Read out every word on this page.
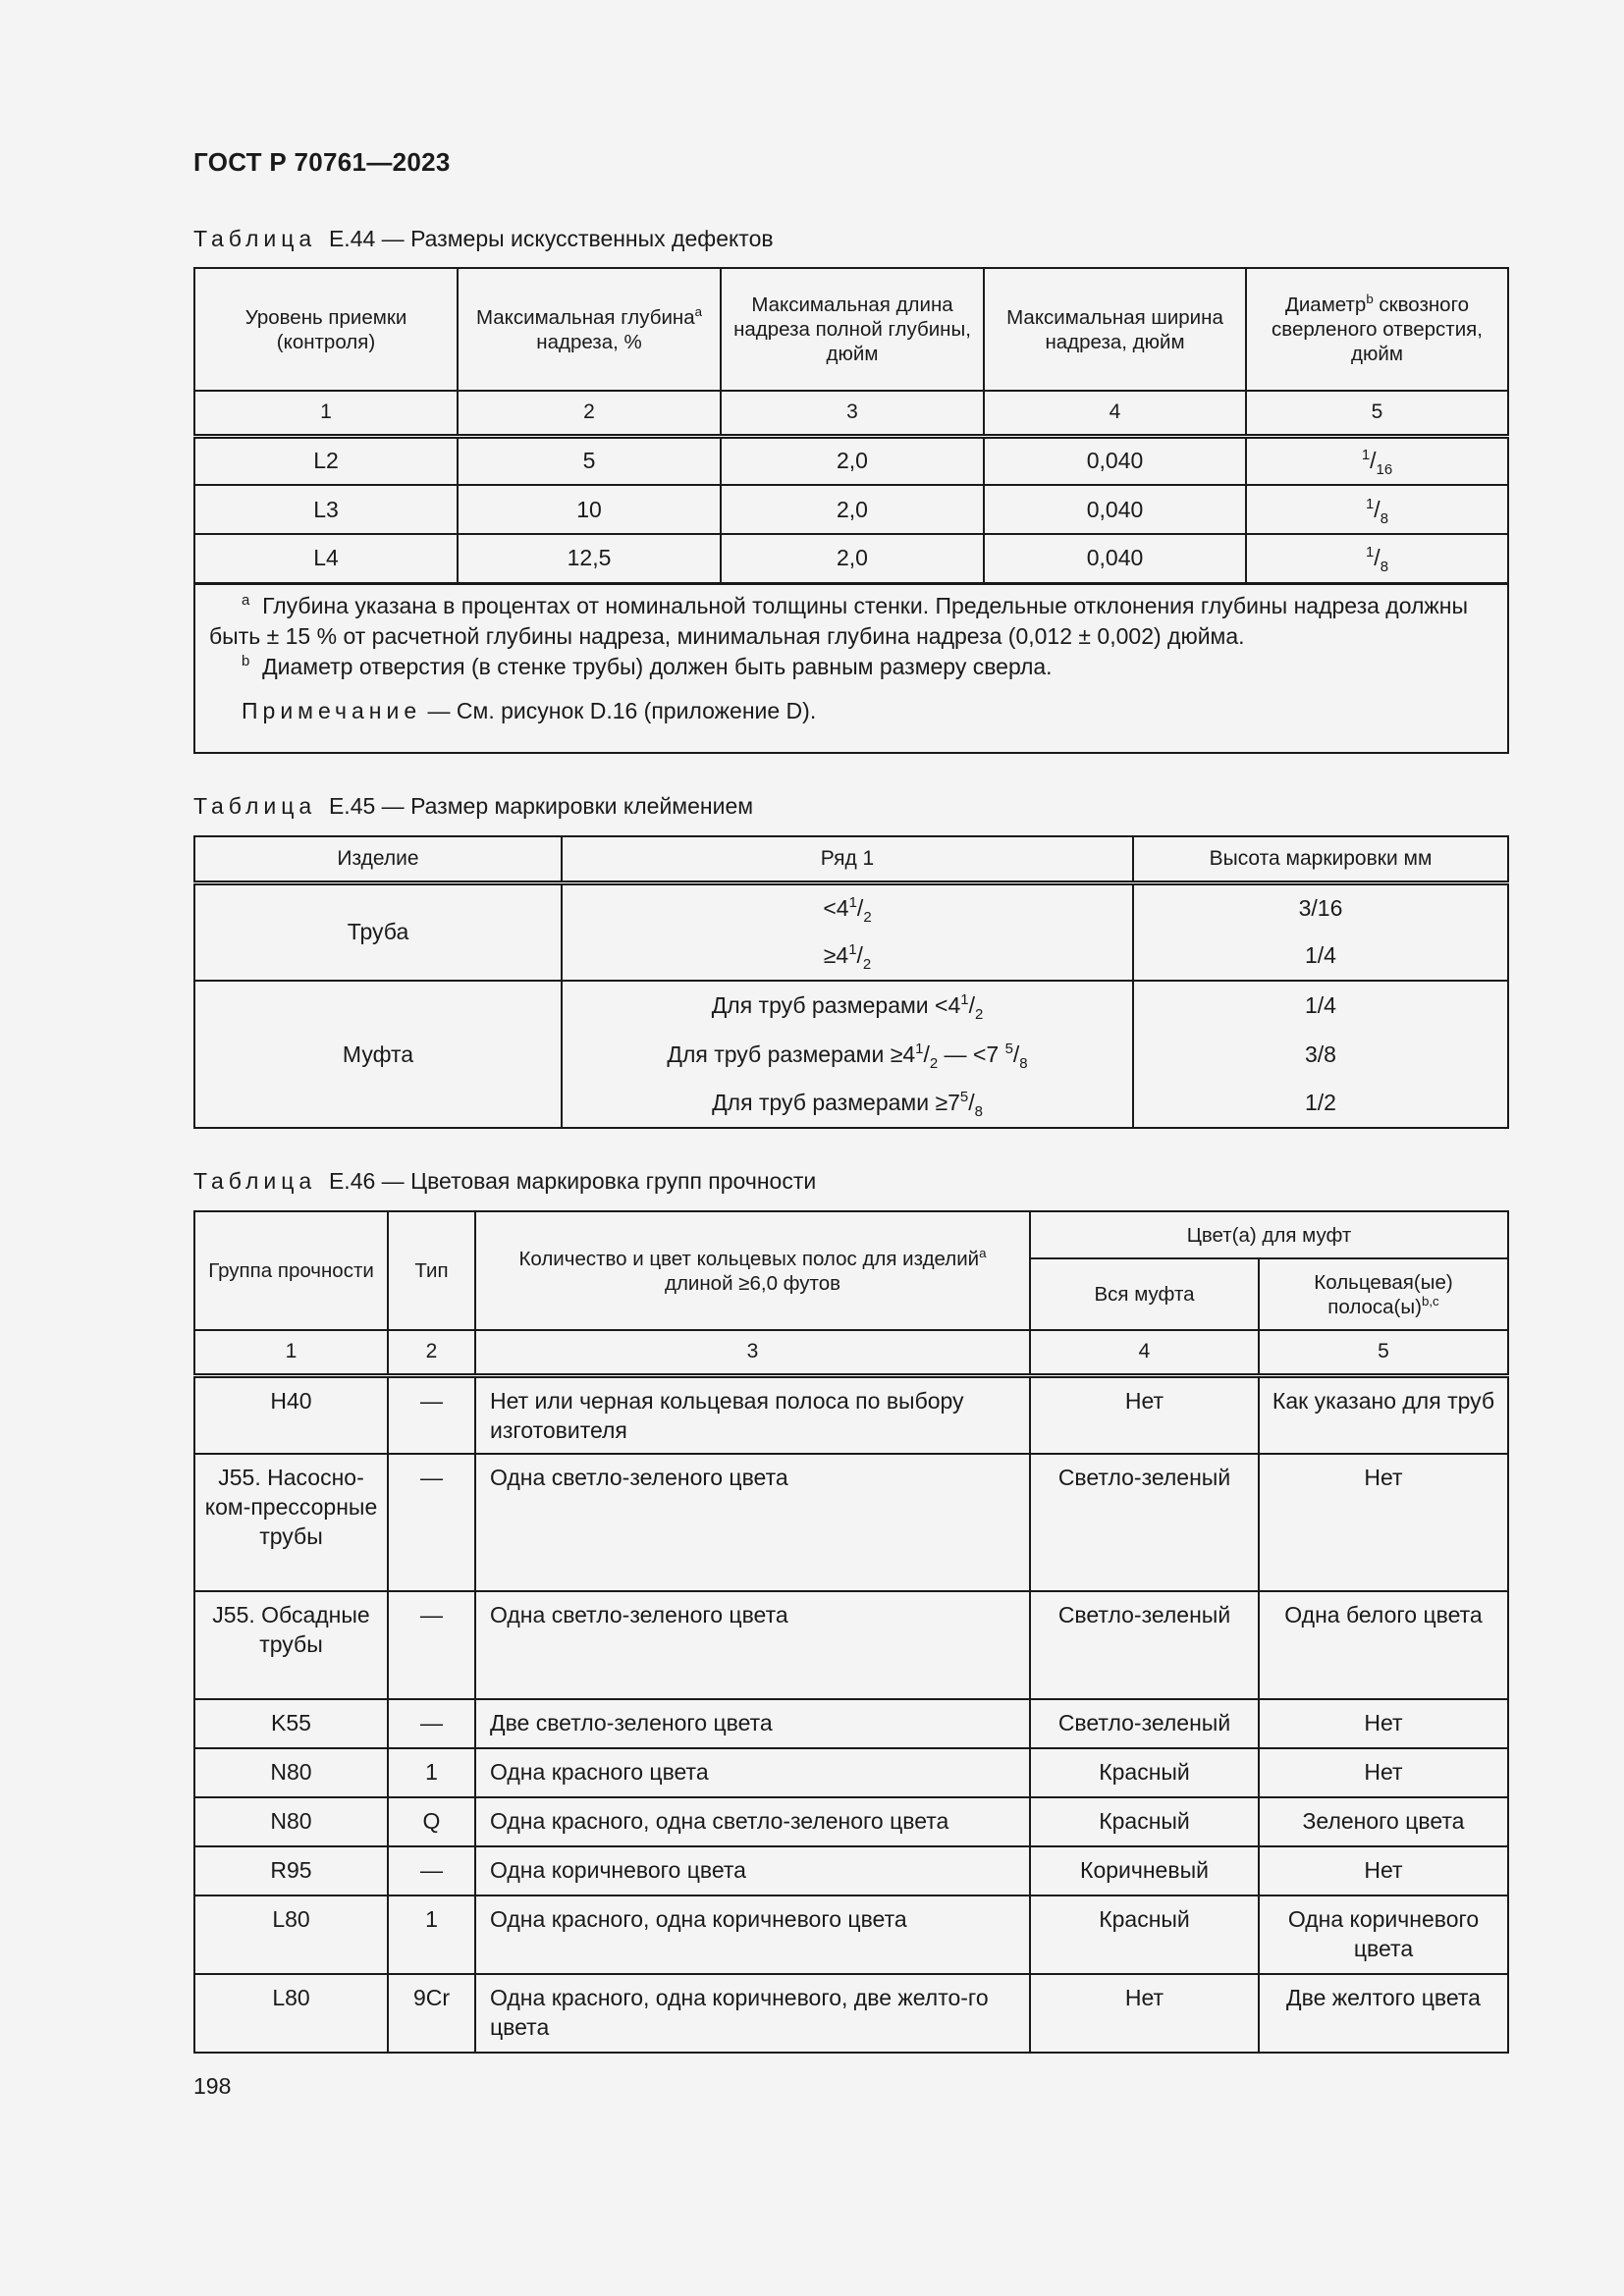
ГОСТ Р 70761—2023
Таблица Е.44 — Размеры искусственных дефектов
Уровень приемки (контроля)	Максимальная глубина$^a$ надреза, %	Максимальная длина надреза полной глубины, дюйм	Максимальная ширина надреза, дюйм	Диаметр$^b$ сквозного сверленого отверстия, дюйм
1	2	3	4	5
L2	5	2,0	0,040	$^1/_{16}$
L3	10	2,0	0,040	$^1/_8$
L4	12,5	2,0	0,040	$^1/_8$

$^a$ Глубина указана в процентах от номинальной толщины стенки. Предельные отклонения глубины надреза должны быть ± 15 % от расчетной глубины надреза, минимальная глубина надреза (0,012 ± 0,002) дюйма.
$^b$ Диаметр отверстия (в стенке трубы) должен быть равным размеру сверла.
Примечание — См. рисунок D.16 (приложение D).				
Таблица Е.45 — Размер маркировки клеймением
Изделие	Ряд 1	Высота маркировки мм
Труба	$<4^1/_2$	3/16
	$\ge 4^1/_2$	1/4
Муфта	Для труб размерами $<4^1/_2$	1/4
	Для труб размерами $\ge 4^1/_2$ — <7 $^5/_8$	3/8
	Для труб размерами $\ge 7^5/_8$	1/2
Таблица Е.46 — Цветовая маркировка групп прочности
Группа прочности	Тип	Количество и цвет кольцевых полос для изделий$^a$ длиной ≥6,0 футов	Цвет(а) для муфт	
			Вся муфта	Кольцевая(ые) $полоса(ы)^{b,c}$
1	2	3	4	5
H40	—	Нет или черная кольцевая полоса по выбору изготовителя	Нет	Как указано для труб
J55. Насосно-ком-прессорные трубы	—	Одна светло-зеленого цвета	Светло-зеленый	Нет
J55. Обсадные трубы	—	Одна светло-зеленого цвета	Светло-зеленый	Одна белого цвета
K55	—	Две светло-зеленого цвета	Светло-зеленый	Нет
N80	1	Одна красного цвета	Красный	Нет
N80	Q	Одна красного, одна светло-зеленого цвета	Красный	Зеленого цвета
R95	—	Одна коричневого цвета	Коричневый	Нет
L80	1	Одна красного, одна коричневого цвета	Красный	Одна коричневого цвета
L80	9Cr	Одна красного, одна коричневого, две желто-го цвета	Нет	Две желтого цвета
198
